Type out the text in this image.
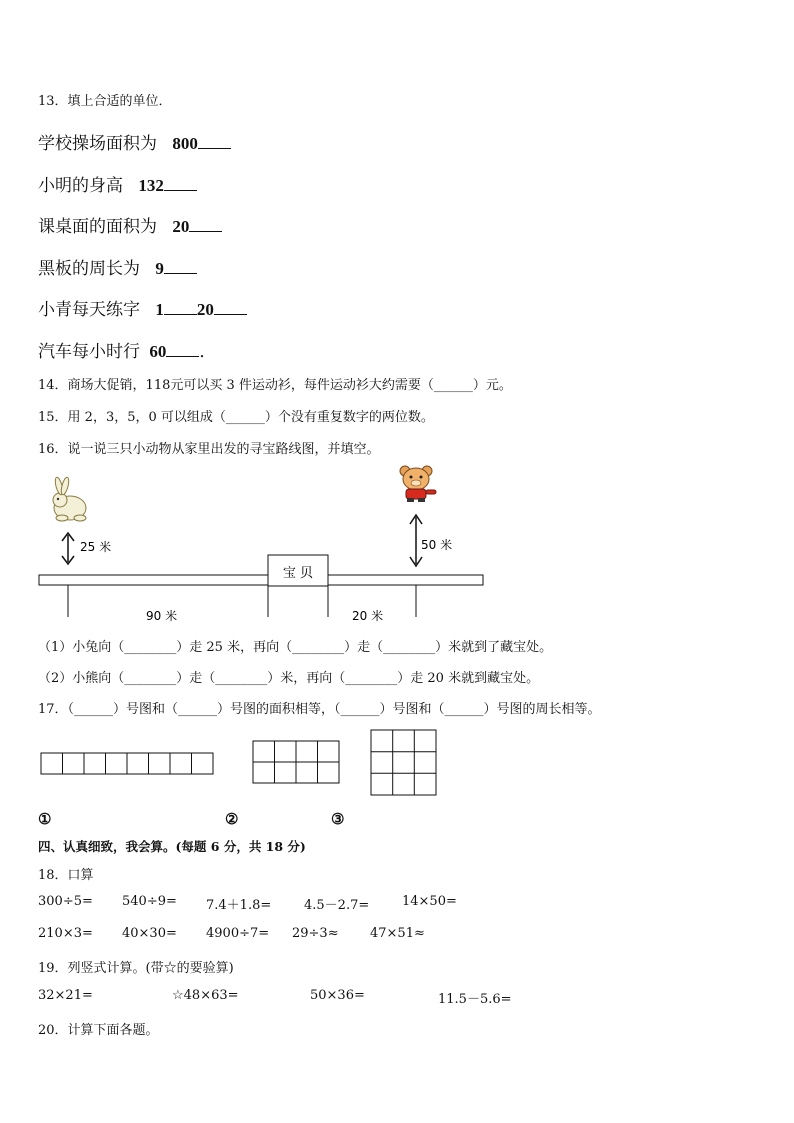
13．填上合适的单位．
学校操场面积为 800
小明的身高 132
课桌面的面积为 20
黑板的周长为 9
小青每天练字 1 20
汽车每小时行 60 ．
14．商场大促销，118元可以买 3 件运动衫，每件运动衫大约需要（______）元。
15．用 2，3，5，0 可以组成（______）个没有重复数字的两位数。
16．说一说三只小动物从家里出发的寻宝路线图，并填空。
25 米	50 米
宝 贝
90 米	20 米
（1）小兔向（________）走 25 米，再向（________）走（________）米就到了藏宝处。
（2）小熊向（________）走（________）米，再向（________）走 20 米就到藏宝处。
17．（______）号图和（______）号图的面积相等，（______）号图和（______）号图的周长相等。
①	②	③
四、认真细致，我会算。(每题 6 分，共 18 分)
18．口算
300÷5= 540÷9= 7.4＋1.8=	4.5－2.7=	14×50=
210×3= 40×30= 4900÷7= 29÷3≈ 47×51≈
19．列竖式计算。(带☆的要验算)
32×21=	☆48×63=	50×36=	11.5－5.6=
20．计算下面各题。
